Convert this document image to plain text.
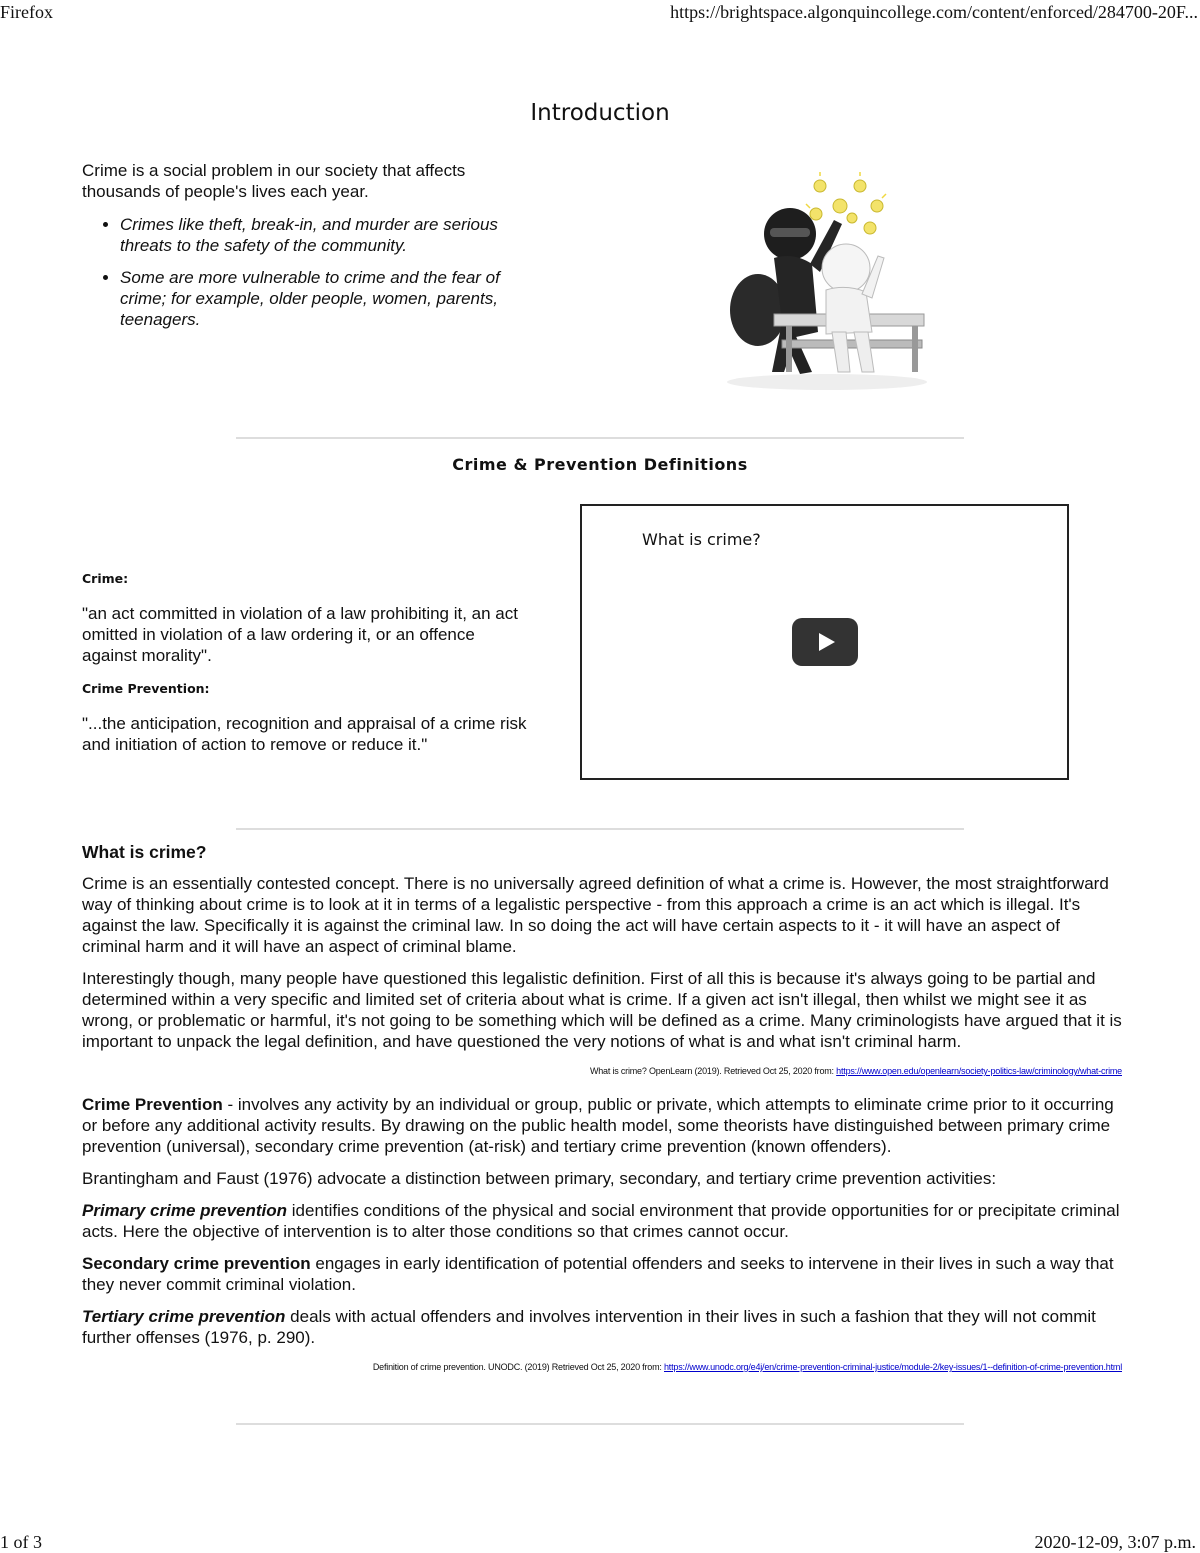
Firefox	https://brightspace.algonquincollege.com/content/enforced/284700-20F...
Introduction

Crime is a social problem in our society that affects thousands of people's lives each year.

• Crimes like theft, break-in, and murder are serious threats to the safety of the community.
• Some are more vulnerable to crime and the fear of crime; for example, older people, women, parents, teenagers.
Crime & Prevention Definitions

Crime:

"an act committed in violation of a law prohibiting it, an act omitted in violation of a law ordering it, or an offence against morality".

Crime Prevention:

"...the anticipation, recognition and appraisal of a crime risk and initiation of action to remove or reduce it."

What is crime?
What is crime?

Crime is an essentially contested concept. There is no universally agreed definition of what a crime is. However, the most straightforward way of thinking about crime is to look at it in terms of a legalistic perspective - from this approach a crime is an act which is illegal. It's against the law. Specifically it is against the criminal law. In so doing the act will have certain aspects to it - it will have an aspect of criminal harm and it will have an aspect of criminal blame.

Interestingly though, many people have questioned this legalistic definition. First of all this is because it's always going to be partial and determined within a very specific and limited set of criteria about what is crime. If a given act isn't illegal, then whilst we might see it as wrong, or problematic or harmful, it's not going to be something which will be defined as a crime. Many criminologists have argued that it is important to unpack the legal definition, and have questioned the very notions of what is and what isn't criminal harm.

What is crime? OpenLearn (2019). Retrieved Oct 25, 2020 from: https://www.open.edu/openlearn/society-politics-law/criminology/what-crime

Crime Prevention - involves any activity by an individual or group, public or private, which attempts to eliminate crime prior to it occurring or before any additional activity results. By drawing on the public health model, some theorists have distinguished between primary crime prevention (universal), secondary crime prevention (at-risk) and tertiary crime prevention (known offenders).

Brantingham and Faust (1976) advocate a distinction between primary, secondary, and tertiary crime prevention activities:

Primary crime prevention identifies conditions of the physical and social environment that provide opportunities for or precipitate criminal acts. Here the objective of intervention is to alter those conditions so that crimes cannot occur.

Secondary crime prevention engages in early identification of potential offenders and seeks to intervene in their lives in such a way that they never commit criminal violation.

Tertiary crime prevention deals with actual offenders and involves intervention in their lives in such a fashion that they will not commit further offenses (1976, p. 290).

Definition of crime prevention. UNODC. (2019) Retrieved Oct 25, 2020 from: https://www.unodc.org/e4j/en/crime-prevention-criminal-justice/module-2/key-issues/1--definition-of-crime-prevention.html
1 of 3	2020-12-09, 3:07 p.m.
